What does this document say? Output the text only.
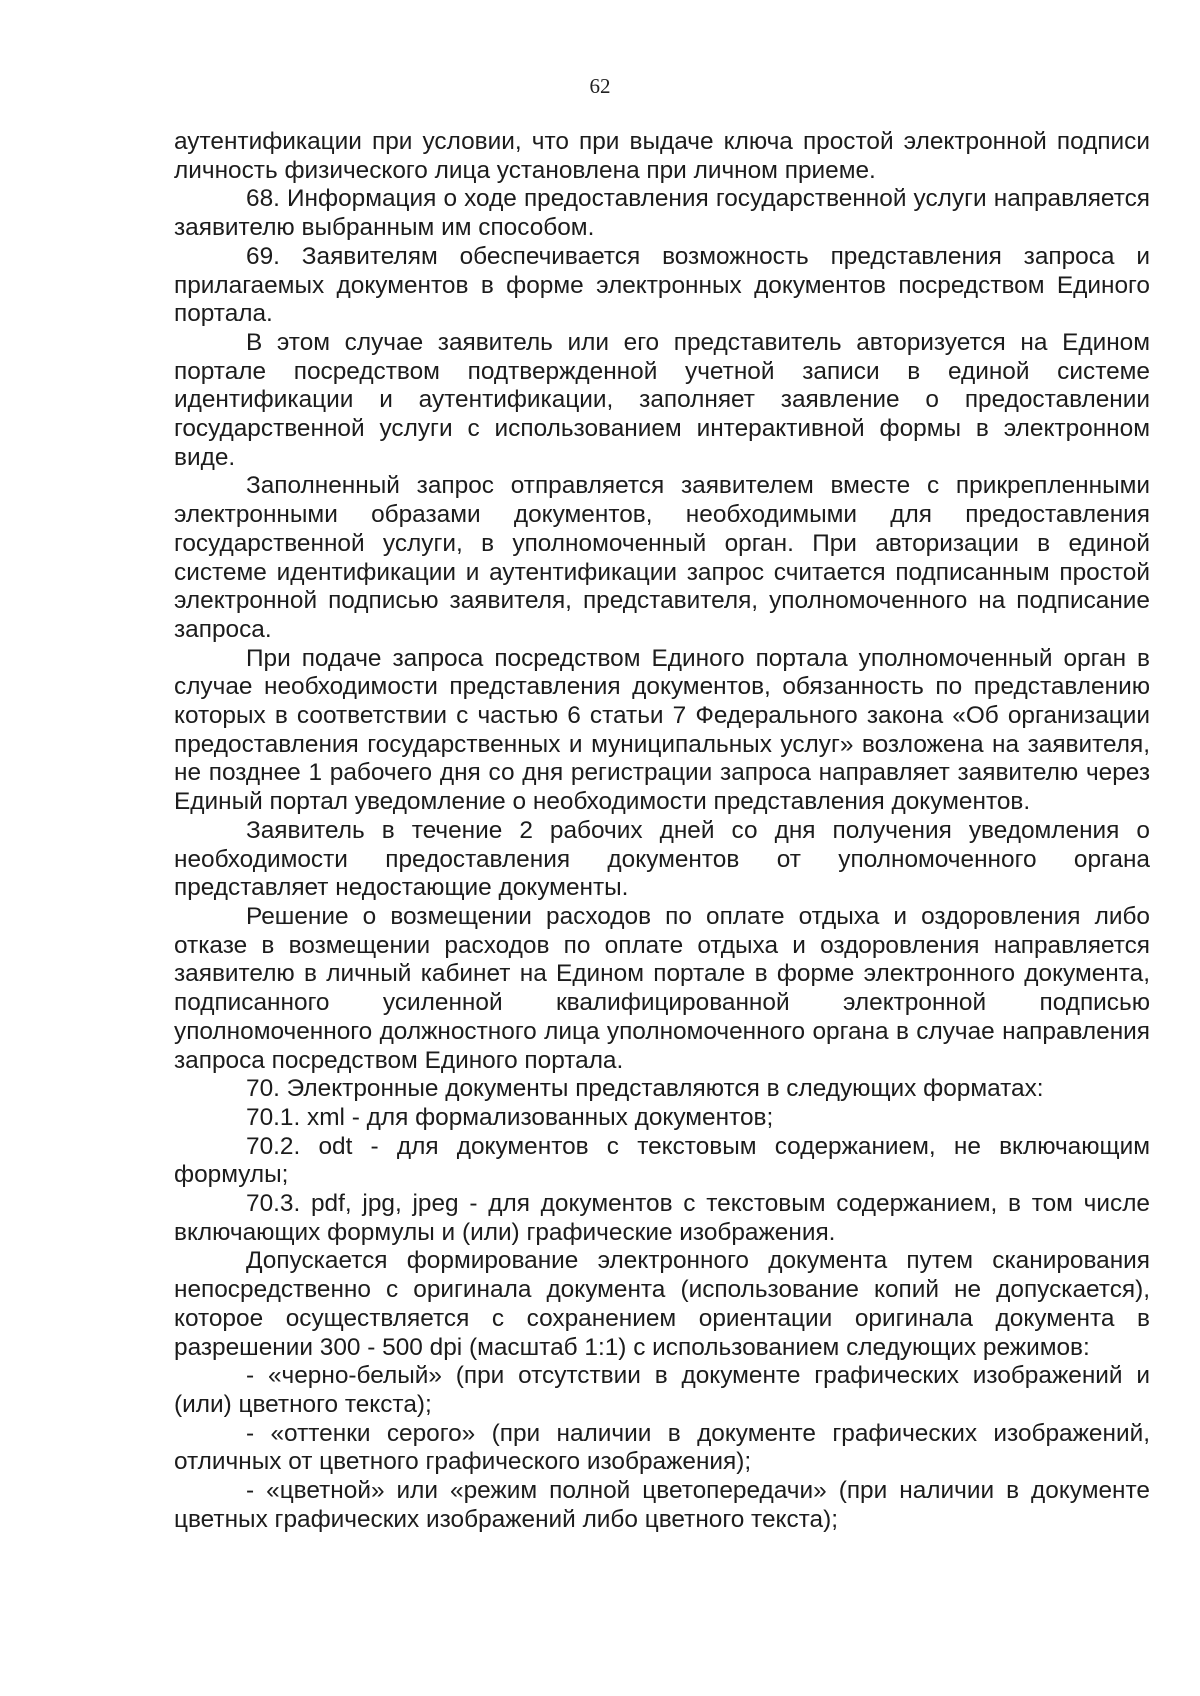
62

аутентификации при условии, что при выдаче ключа простой электронной подписи личность физического лица установлена при личном приеме.

68. Информация о ходе предоставления государственной услуги направляется заявителю выбранным им способом.

69. Заявителям обеспечивается возможность представления запроса и прилагаемых документов в форме электронных документов посредством Единого портала.

В этом случае заявитель или его представитель авторизуется на Едином портале посредством подтвержденной учетной записи в единой системе идентификации и аутентификации, заполняет заявление о предоставлении государственной услуги с использованием интерактивной формы в электронном виде.

Заполненный запрос отправляется заявителем вместе с прикрепленными электронными образами документов, необходимыми для предоставления государственной услуги, в уполномоченный орган. При авторизации в единой системе идентификации и аутентификации запрос считается подписанным простой электронной подписью заявителя, представителя, уполномоченного на подписание запроса.

При подаче запроса посредством Единого портала уполномоченный орган в случае необходимости представления документов, обязанность по представлению которых в соответствии с частью 6 статьи 7 Федерального закона «Об организации предоставления государственных и муниципальных услуг» возложена на заявителя, не позднее 1 рабочего дня со дня регистрации запроса направляет заявителю через Единый портал уведомление о необходимости представления документов.

Заявитель в течение 2 рабочих дней со дня получения уведомления о необходимости предоставления документов от уполномоченного органа представляет недостающие документы.

Решение о возмещении расходов по оплате отдыха и оздоровления либо отказе в возмещении расходов по оплате отдыха и оздоровления направляется заявителю в личный кабинет на Едином портале в форме электронного документа, подписанного усиленной квалифицированной электронной подписью уполномоченного должностного лица уполномоченного органа в случае направления запроса посредством Единого портала.

70. Электронные документы представляются в следующих форматах:

70.1. xml - для формализованных документов;

70.2. odt - для документов с текстовым содержанием, не включающим формулы;

70.3. pdf, jpg, jpeg - для документов с текстовым содержанием, в том числе включающих формулы и (или) графические изображения.

Допускается формирование электронного документа путем сканирования непосредственно с оригинала документа (использование копий не допускается), которое осуществляется с сохранением ориентации оригинала документа в разрешении 300 - 500 dpi (масштаб 1:1) с использованием следующих режимов:

- «черно-белый» (при отсутствии в документе графических изображений и (или) цветного текста);

- «оттенки серого» (при наличии в документе графических изображений, отличных от цветного графического изображения);

- «цветной» или «режим полной цветопередачи» (при наличии в документе цветных графических изображений либо цветного текста);
